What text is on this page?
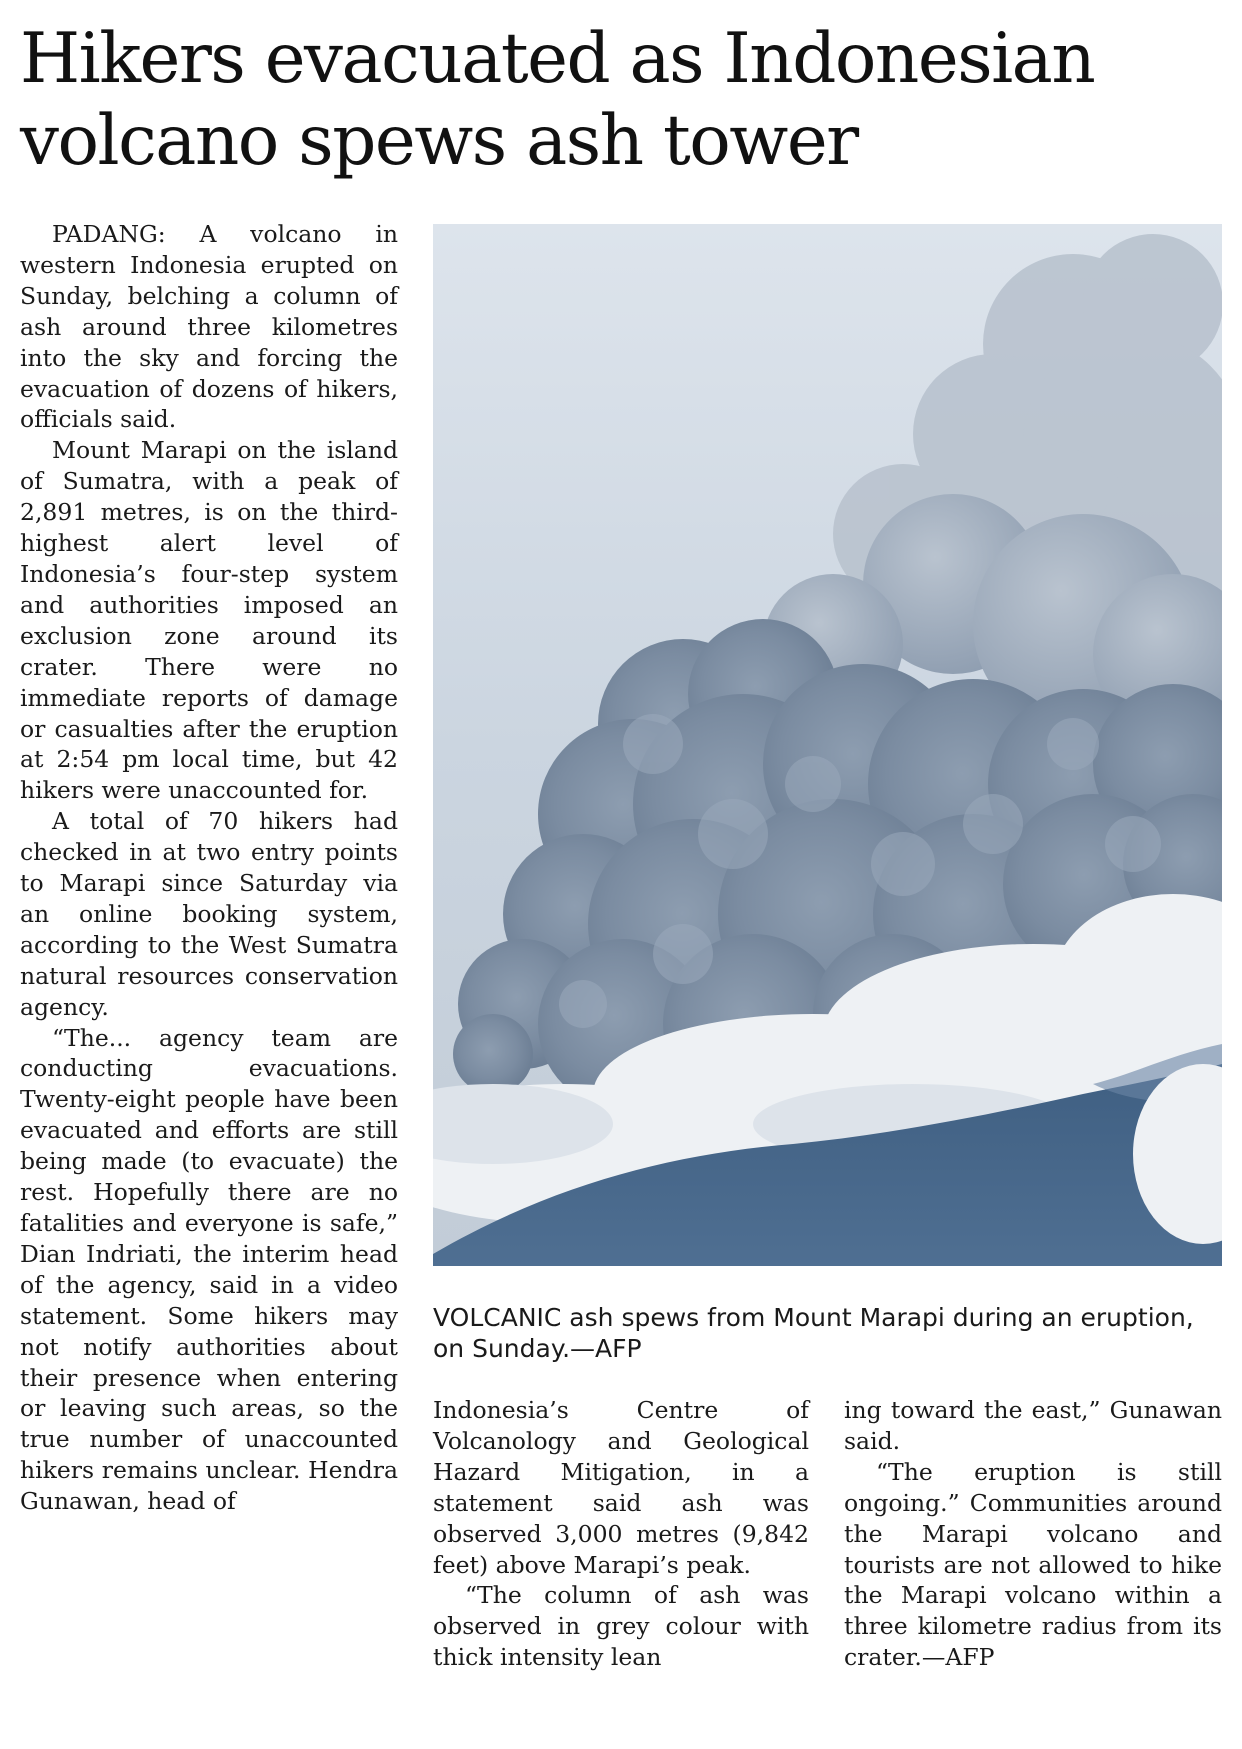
Hikers evacuated as Indonesian volcano spews ash tower

PADANG: A volcano in western Indonesia erupted on Sunday, belching a column of ash around three kilometres into the sky and forcing the evacuation of dozens of hikers, officials said.

Mount Marapi on the island of Sumatra, with a peak of 2,891 metres, is on the third-highest alert level of Indonesia’s four-step system and authorities imposed an exclusion zone around its crater. There were no immediate reports of damage or casualties after the eruption at 2:54 pm local time, but 42 hikers were unaccounted for.

A total of 70 hikers had checked in at two entry points to Marapi since Saturday via an online booking system, according to the West Sumatra natural resources conservation agency.

“The... agency team are conducting evacuations. Twenty-eight people have been evacuated and efforts are still being made (to evacuate) the rest. Hopefully there are no fatalities and everyone is safe,” Dian Indriati, the interim head of the agency, said in a video statement. Some hikers may not notify authorities about their presence when entering or leaving such areas, so the true number of unaccounted hikers remains unclear. Hendra Gunawan, head of

VOLCANIC ash spews from Mount Marapi during an eruption, on Sunday.—AFP

Indonesia’s Centre of Volcanology and Geological Hazard Mitigation, in a statement said ash was observed 3,000 metres (9,842 feet) above Marapi’s peak.

“The column of ash was observed in grey colour with thick intensity lean

ing toward the east,” Gunawan said.

“The eruption is still ongoing.” Communities around the Marapi volcano and tourists are not allowed to hike the Marapi volcano within a three kilometre radius from its crater.—AFP
